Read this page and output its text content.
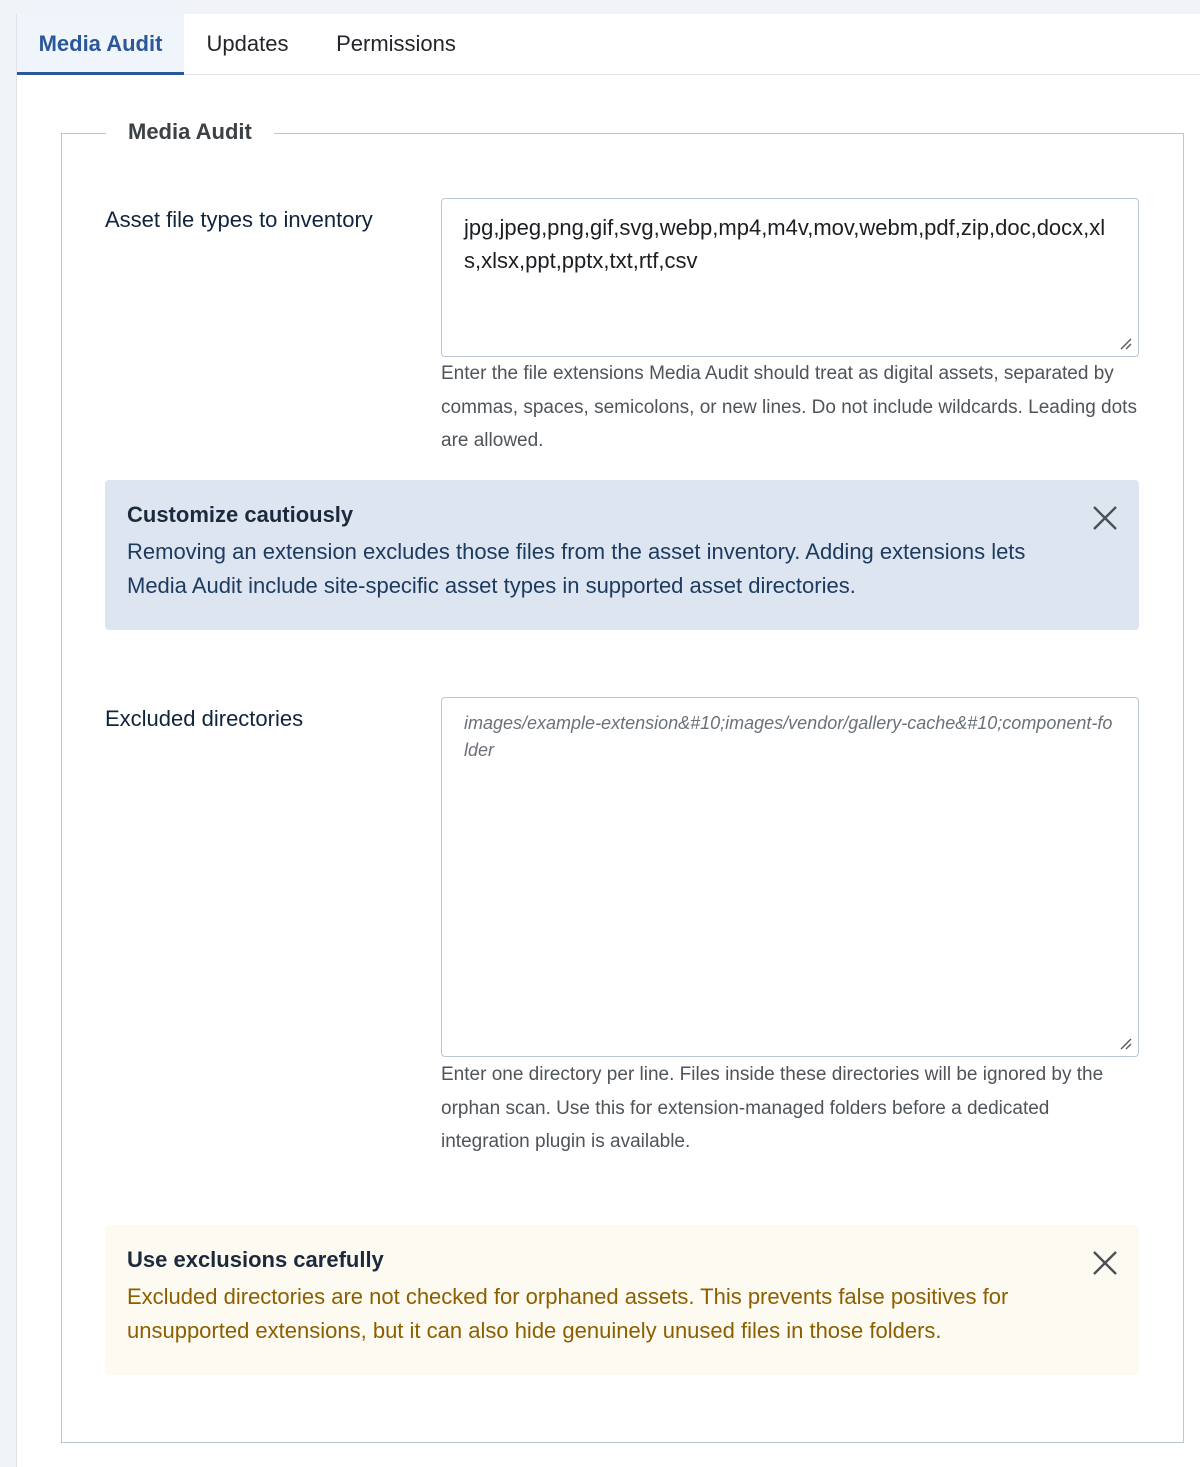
Media Audit	Updates	Permissions
Media Audit
Asset file types to inventory	jpg,jpeg,png,gif,svg,webp,mp4,m4v,mov,webm,pdf,zip,doc,docx,xls,xlsx,ppt,pptx,txt,rtf,csv
Enter the file extensions Media Audit should treat as digital assets, separated by commas, spaces, semicolons, or new lines. Do not include wildcards. Leading dots are allowed.
Customize cautiously
Removing an extension excludes those files from the asset inventory. Adding extensions lets Media Audit include site-specific asset types in supported asset directories.
Excluded directories	images/example-extension&#10;images/vendor/gallery-cache&#10;component-folder
Enter one directory per line. Files inside these directories will be ignored by the orphan scan. Use this for extension-managed folders before a dedicated integration plugin is available.
Use exclusions carefully
Excluded directories are not checked for orphaned assets. This prevents false positives for unsupported extensions, but it can also hide genuinely unused files in those folders.
